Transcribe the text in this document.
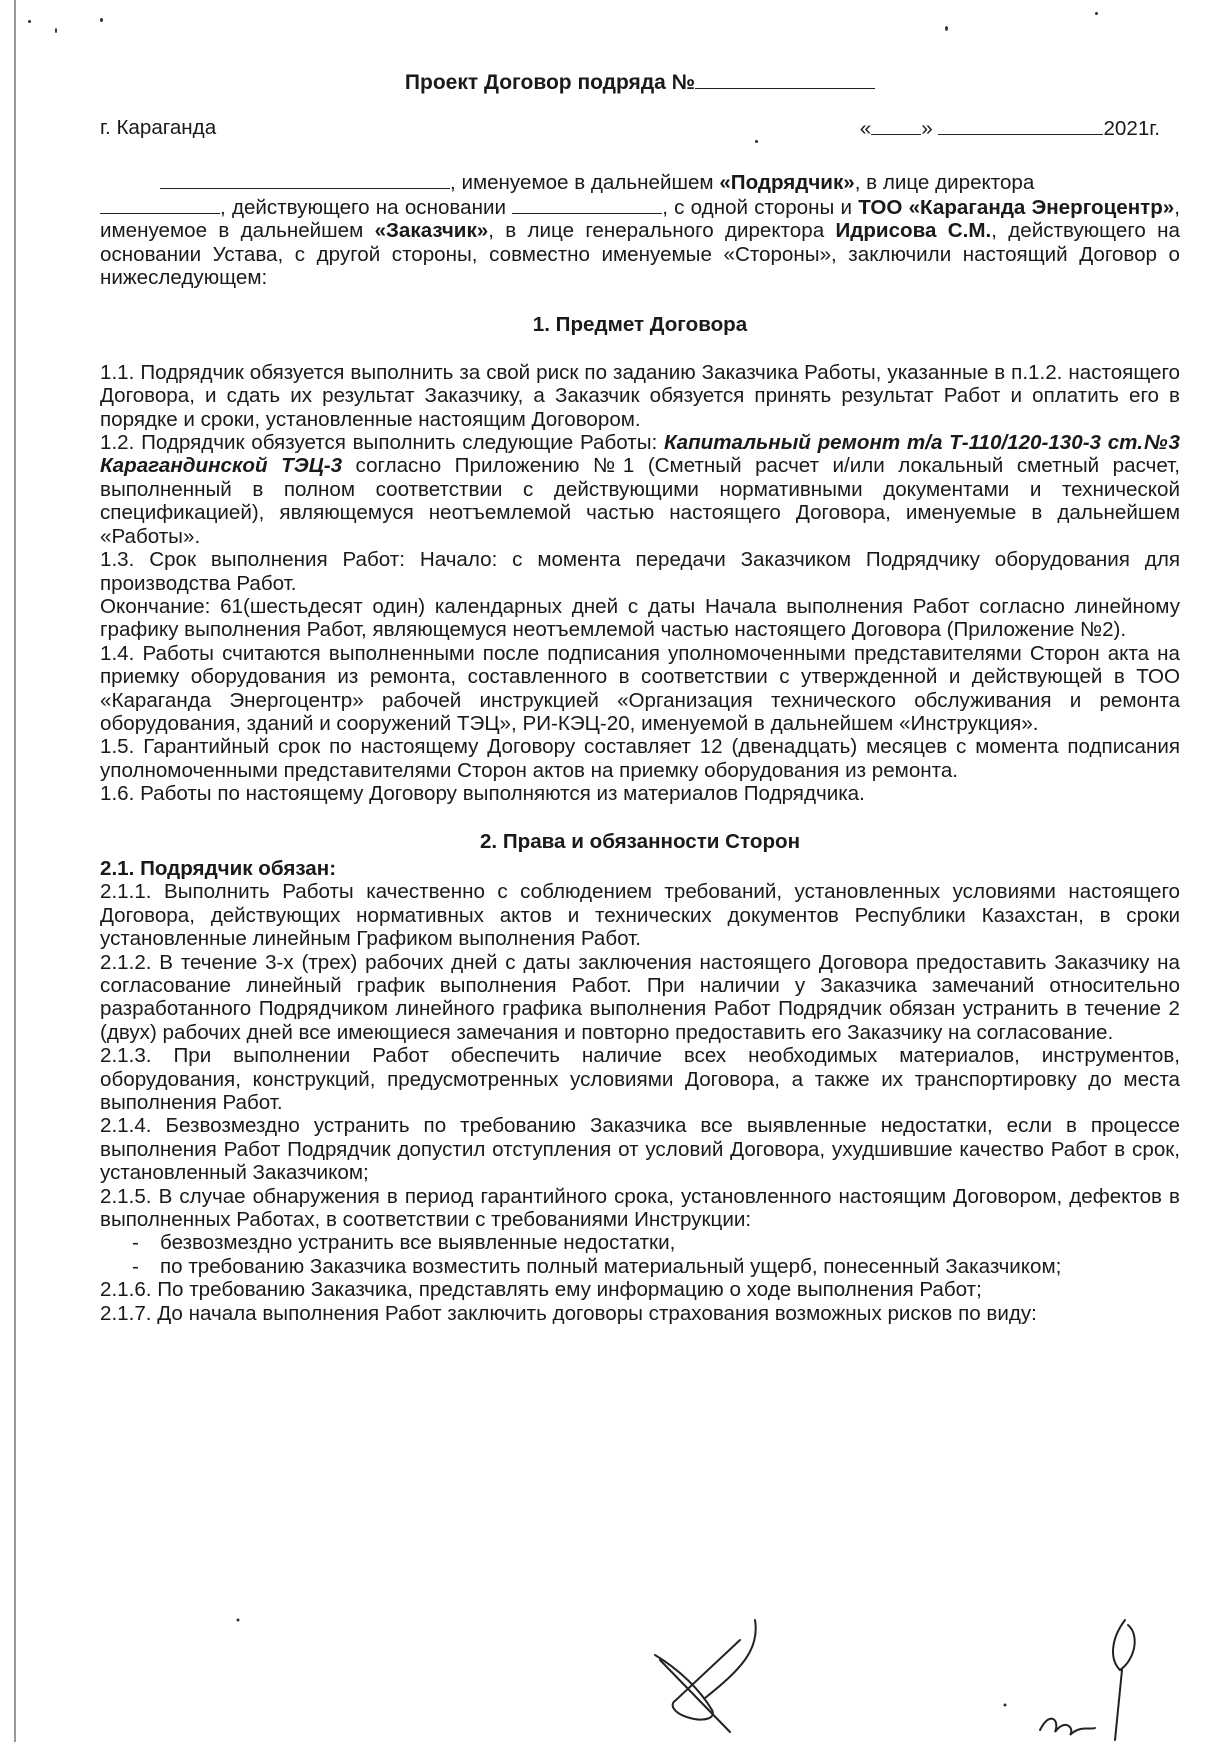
Проект Договор подряда №
г. Караганда	« »	2021г.

, именуемое в дальнейшем «Подрядчик», в лице директора

, действующего на основании	, с одной стороны и ТОО «Караганда Энергоцентр», именуемое в дальнейшем «Заказчик», в лице генерального директора Идрисова С.М., действующего на основании Устава, с другой стороны, совместно именуемые «Стороны», заключили настоящий Договор о нижеследующем:

1. Предмет Договора

1.1. Подрядчик обязуется выполнить за свой риск по заданию Заказчика Работы, указанные в п.1.2. настоящего Договора, и сдать их результат Заказчику, а Заказчик обязуется принять результат Работ и оплатить его в порядке и сроки, установленные настоящим Договором.

1.2. Подрядчик обязуется выполнить следующие Работы: Капитальный ремонт т/а Т-110/120-130-3 ст.№3 Карагандинской ТЭЦ-3 согласно Приложению №1 (Сметный расчет и/или локальный сметный расчет, выполненный в полном соответствии с действующими нормативными документами и технической спецификацией), являющемуся неотъемлемой частью настоящего Договора, именуемые в дальнейшем «Работы».

1.3. Срок выполнения Работ: Начало: с момента передачи Заказчиком Подрядчику оборудования для производства Работ.

Окончание: 61(шестьдесят один) календарных дней с даты Начала выполнения Работ согласно линейному графику выполнения Работ, являющемуся неотъемлемой частью настоящего Договора (Приложение №2).

1.4. Работы считаются выполненными после подписания уполномоченными представителями Сторон акта на приемку оборудования из ремонта, составленного в соответствии с утвержденной и действующей в ТОО «Караганда Энергоцентр» рабочей инструкцией «Организация технического обслуживания и ремонта оборудования, зданий и сооружений ТЭЦ», РИ-КЭЦ-20, именуемой в дальнейшем «Инструкция».

1.5. Гарантийный срок по настоящему Договору составляет 12 (двенадцать) месяцев с момента подписания уполномоченными представителями Сторон актов на приемку оборудования из ремонта.

1.6. Работы по настоящему Договору выполняются из материалов Подрядчика.

2. Права и обязанности Сторон
2.1. Подрядчик обязан:

2.1.1. Выполнить Работы качественно с соблюдением требований, установленных условиями настоящего Договора, действующих нормативных актов и технических документов Республики Казахстан, в сроки установленные линейным Графиком выполнения Работ.

2.1.2. В течение 3-х (трех) рабочих дней с даты заключения настоящего Договора предоставить Заказчику на согласование линейный график выполнения Работ. При наличии у Заказчика замечаний относительно разработанного Подрядчиком линейного графика выполнения Работ Подрядчик обязан устранить в течение 2 (двух) рабочих дней все имеющиеся замечания и повторно предоставить его Заказчику на согласование.

2.1.3. При выполнении Работ обеспечить наличие всех необходимых материалов, инструментов, оборудования, конструкций, предусмотренных условиями Договора, а также их транспортировку до места выполнения Работ.

2.1.4. Безвозмездно устранить по требованию Заказчика все выявленные недостатки, если в процессе выполнения Работ Подрядчик допустил отступления от условий Договора, ухудшившие качество Работ в срок, установленный Заказчиком;

2.1.5. В случае обнаружения в период гарантийного срока, установленного настоящим Договором, дефектов в выполненных Работах, в соответствии с требованиями Инструкции:

- безвозмездно устранить все выявленные недостатки,
- по требованию Заказчика возместить полный материальный ущерб, понесенный Заказчиком;

2.1.6. По требованию Заказчика, представлять ему информацию о ходе выполнения Работ;

2.1.7. До начала выполнения Работ заключить договоры страхования возможных рисков по виду:
